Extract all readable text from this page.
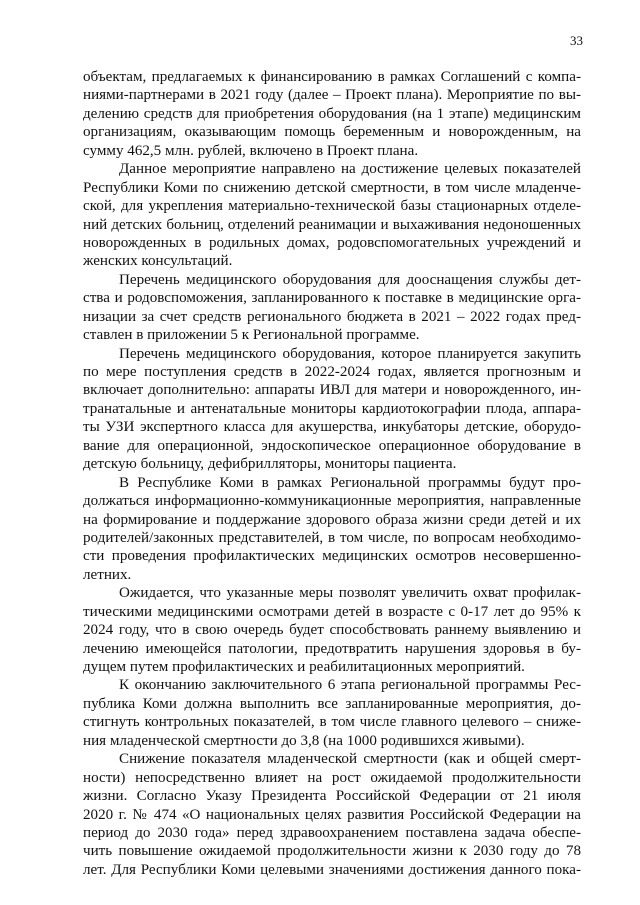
33
объектам, предлагаемых к финансированию в рамках Соглашений с компа-
ниями-партнерами в 2021 году (далее – Проект плана). Мероприятие по вы-
делению средств для приобретения оборудования (на 1 этапе) медицинским
организациям, оказывающим помощь беременным и новорожденным, на
сумму 462,5 млн. рублей, включено в Проект плана.
Данное мероприятие направлено на достижение целевых показателей
Республики Коми по снижению детской смертности, в том числе младенче-
ской, для укрепления материально-технической базы стационарных отделе-
ний детских больниц, отделений реанимации и выхаживания недоношенных
новорожденных в родильных домах, родовспомогательных учреждений и
женских консультаций.
Перечень медицинского оборудования для дооснащения службы дет-
ства и родовспоможения, запланированного к поставке в медицинские орга-
низации за счет средств регионального бюджета в 2021 – 2022 годах пред-
ставлен в приложении 5 к Региональной программе.
Перечень медицинского оборудования, которое планируется закупить
по мере поступления средств в 2022-2024 годах, является прогнозным и
включает дополнительно: аппараты ИВЛ для матери и новорожденного, ин-
транатальные и антенатальные мониторы кардиотокографии плода, аппара-
ты УЗИ экспертного класса для акушерства, инкубаторы детские, оборудо-
вание для операционной, эндоскопическое операционное оборудование в
детскую больницу, дефибрилляторы, мониторы пациента.
В Республике Коми в рамках Региональной программы будут про-
должаться информационно-коммуникационные мероприятия, направленные
на формирование и поддержание здорового образа жизни среди детей и их
родителей/законных представителей, в том числе, по вопросам необходимо-
сти проведения профилактических медицинских осмотров несовершенно-
летних.
Ожидается, что указанные меры позволят увеличить охват профилак-
тическими медицинскими осмотрами детей в возрасте с 0-17 лет до 95% к
2024 году, что в свою очередь будет способствовать раннему выявлению и
лечению имеющейся патологии, предотвратить нарушения здоровья в бу-
дущем путем профилактических и реабилитационных мероприятий.
К окончанию заключительного 6 этапа региональной программы Рес-
публика Коми должна выполнить все запланированные мероприятия, до-
стигнуть контрольных показателей, в том числе главного целевого – сниже-
ния младенческой смертности до 3,8 (на 1000 родившихся живыми).
Снижение показателя младенческой смертности (как и общей смерт-
ности) непосредственно влияет на рост ожидаемой продолжительности
жизни. Согласно Указу Президента Российской Федерации от 21 июля
2020 г. № 474 «О национальных целях развития Российской Федерации на
период до 2030 года» перед здравоохранением поставлена задача обеспе-
чить повышение ожидаемой продолжительности жизни к 2030 году до 78
лет. Для Республики Коми целевыми значениями достижения данного пока-
